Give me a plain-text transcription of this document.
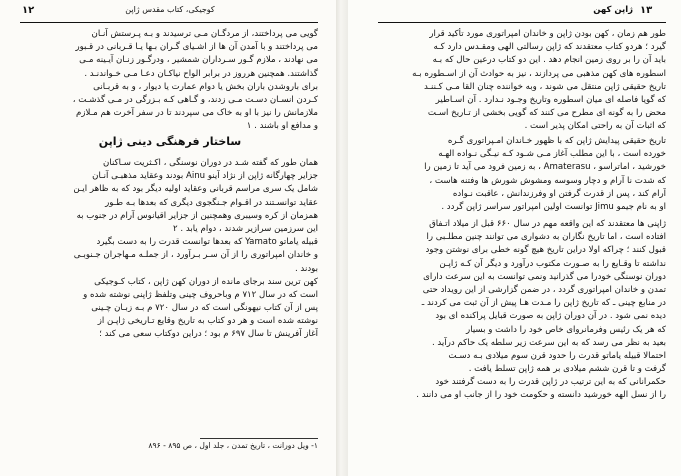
۱۲	کوجیکی، کتاب مقدس ژاپن
گویی می پرداختند، از مردگـان مـی ترسیدند و بـه پـرستش آنـان
می پرداختند و با آمدن آن ها از اشـیای گـران بـها یـا قـربانی در قـبور
می نهادند ، ملازم گـور سـرداران شمشیر ، ودرگـور زنـان آیـینه مـی
گذاشتند. همچنین هرروز در برابر الواح نیاکـان دعـا مـی خـواندنـد .
برای باروشدن باران بخش یا دوام عمارت یا دیوار ، و به قربـانی
کـردن انسـان دسـت مـی زدند، و گـاهی کـه بـزرگی در مـی گذشـت ،
ملازمانش را نیز با او به خاک می سپردند تا در سفر آخرت هم مـلازم
و مدافع او باشند . ۱
ساختار فرهنگی دینی ژاپن
همان طور که گفته شـد در دوران نوسنگی ، اکـثریت سـاکنان
جزایر چهارگانه ژاپن از نژاد آینو Ainu بودند وعقاید مذهبـی آنـان
شامل یک سری مراسم قربانی وعقاید اولیه دیگر بود که به ظاهر ایـن
عقاید توانسـتند در اقـوام جـنگجوی دیگری که بعدها بـه طـور
همزمان از کره وسیبری وهمچنین از جزایر اقیانوس آرام در جنوب به
این سرزمین سرازیر شدند ، دوام یابد . ۲
قبیله یاماتو Yamato که بعدها توانست قدرت را به دست بگیرد
و خاندان امپراتوری را از آن سـر بـرآورد ، از جملـه مـهاجران جـنوبـی
بودند .
کهن ترین سند برجای مانده از دوران کهن ژاپن ، کتاب کـوجیکی
است که در سال ۷۱۲ م وباحروف چینی وتلفظ ژاپنی نوشته شده و
پس از آن کتاب نیهونگی است که در سال ۷۲۰ م بـه زبـان چـینی
نوشته شده است و هر دو کتاب به تاریخ وقایع تـاریخی ژاپـن از
آغاز آفرینش تا سال ۶۹۷ م بود ؛ دراین دوکتاب سعی می کند ؛
۱- ویل دورانت ، تاریخ تمدن ، جلد اول ، ص ۸۹۵ - ۸۹۶
ژاپن کهن ۱۳
طور هم زمان ، کهن بودن ژاپن و خاندان امپراتوری مورد تأکید قرار
گیرد ؛ هردو کتاب معتقدند که ژاپن رسالتی الهی ومقـدس دارد کـه
باید آن را بر روی زمین انجام دهد . این دو کتاب درعین حال که بـه
اسطوره های کهن مذهبی می پردازند ، نیز به حوادث آن از اسـطوره بـه
تاریخ حقیقی ژاپن منتقل می شوند ، وبه خواننده چنان القا مـی کـننـد
که گویا فاصله ای میان اسطوره وتاریخ وجـود نـدارد . آن اسـاطیر
محض را به گونه ای مطرح می کنند که گویی بخشی از تـاریخ اسـت
که اثبات آن به راحتی امکان پذیر است .
تاریخ حقیقی پیدایش ژاپن که با ظهور خـاندان امـپراتوری گـره
خورده است ، با این مطلب آغاز مـی شـود کـه نیـگی نـواده الهـه
خورشید ، اماتراسو ، Amaterasu ، به زمین فرود می آید تا زمین را
که شدت نا آرام و دچار وسوسه ومشوش شورش ها وفتنه هاست ،
آرام کند ، پس از قدرت گرفتن او وفرزندانش ، عاقبت نـواده
او به نام جیمو Jimu توانست اولین امپراتور سراسر ژاپن گردد .
ژاپنی ها معتقدند که این واقعه مهم در سال ۶۶۰ قبل از میلاد اتـفاق
افتاده است ، اما تاریخ نگاران به دشواری می توانند چنین مطلـبی را
قبول کنند ؛ چراکه اولا دراین تاریخ هیچ گونه خطی برای نوشتن وجود
نداشته تا وقـایع را به صـورت مکتوب درآورد و دیگر آن کـه ژاپـن
دوران نوسنگی خودرا می گذرانید ونمی توانست به این سرعت دارای
تمدن و خاندان امپراتوری گردد ، در ضمن گزارشی از این رویداد حتی
در منابع چینی ـ که تاریخ ژاپن را مـدت هـا پیش از آن ثبت می کردند ـ
دیده نمی شود . در آن دوران ژاپن به صورت قبایل پراکنده ای بود
که هر یک رئیس وفرمانروای خاص خود را داشت و بسیار
بعید به نظر می رسد که به این سرعت زیر سلطه یک حاکم درآید .
احتمالا قبیله یاماتو قدرت را حدود قرن سوم میلادی بـه دسـت
گرفت و تا قرن ششم میلادی بر همه ژاپن تسلط یافت .
حکمرانانی که به این ترتیب در ژاپن قدرت را به دست گرفتند خود
را از نسل الهه خورشید دانسته و حکومت خود را از جانب او می دانند .
